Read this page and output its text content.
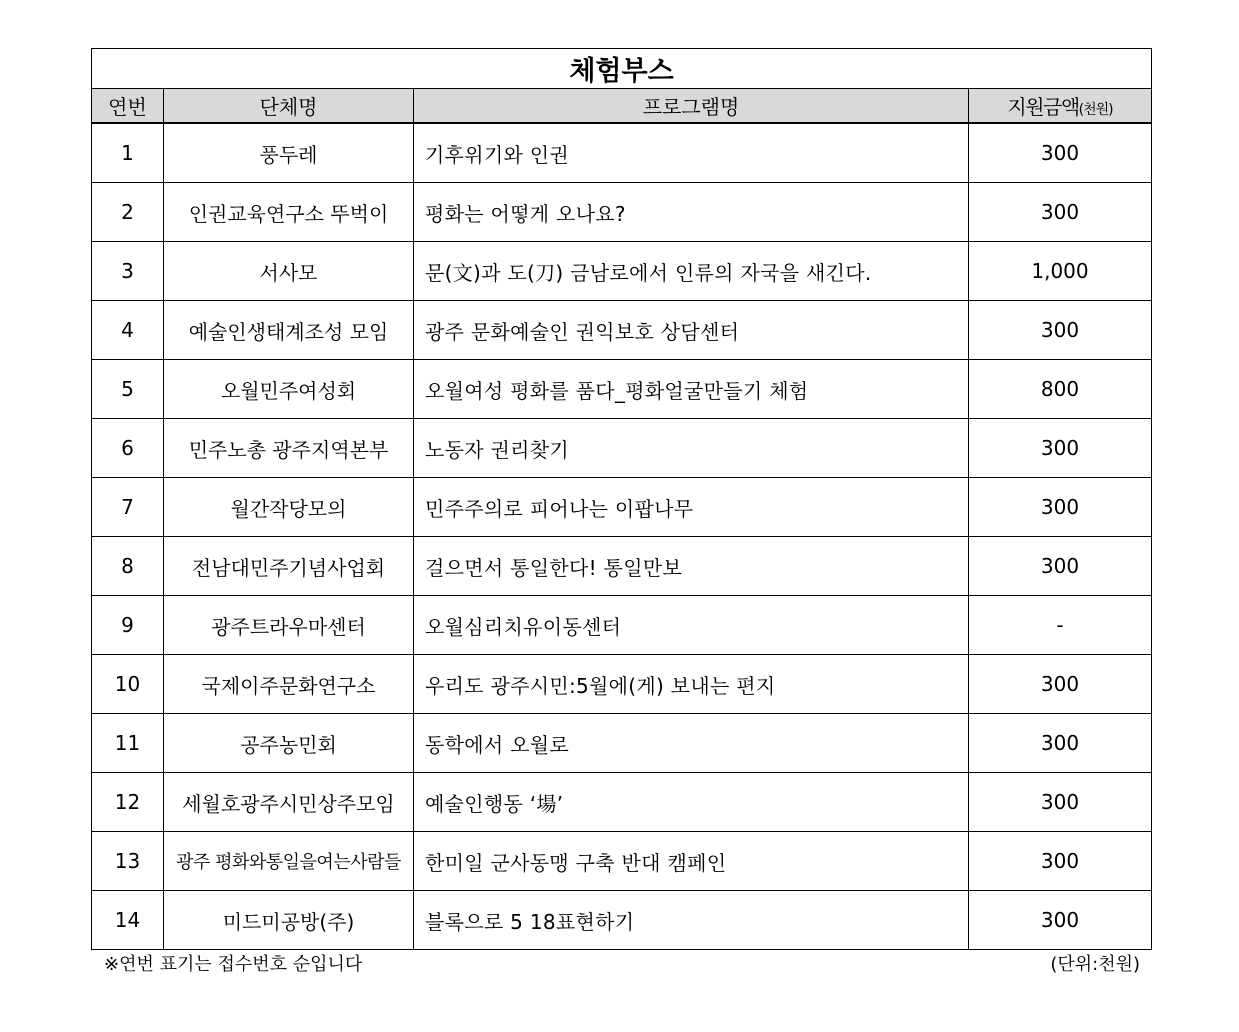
체험부스			
연번	단체명	프로그램명	지원금액(천원)
1	풍두레	기후위기와 인권	300
2	인권교육연구소 뚜벅이	평화는 어떻게 오나요?	300
3	서사모	문(文)과 도(刀) 금남로에서 인류의 자국을 새긴다.	1,000
4	예술인생태계조성 모임	광주 문화예술인 권익보호 상담센터	300
5	오월민주여성회	오월여성 평화를 품다_평화얼굴만들기 체험	800
6	민주노총 광주지역본부	노동자 권리찾기	300
7	월간작당모의	민주주의로 피어나는 이팝나무	300
8	전남대민주기념사업회	걸으면서 통일한다! 통일만보	300
9	광주트라우마센터	오월심리치유이동센터	-
10	국제이주문화연구소	우리도 광주시민:5월에(게) 보내는 편지	300
11	공주농민회	동학에서 오월로	300
12	세월호광주시민상주모임	예술인행동 ‘場’	300
13	광주 평화와통일을여는사람들	한미일 군사동맹 구축 반대 캠페인	300
14	미드미공방(주)	블록으로 5 18표현하기	300
※연번 표기는 접수번호 순입니다	(단위:천원)
